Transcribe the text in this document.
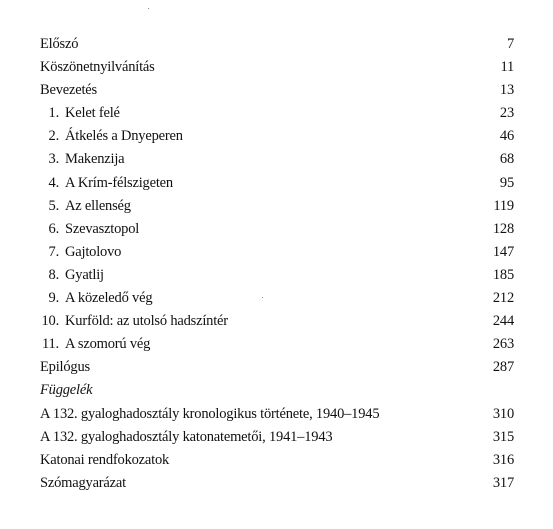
Előszó	7
Köszönetnyilvánítás	11
Bevezetés	13
1. Kelet felé	23
2. Átkelés a Dnyeperen	46
3. Makenzija	68
4. A Krím-félszigeten	95
5. Az ellenség	119
6. Szevasztopol	128
7. Gajtolovo	147
8. Gyatlij	185
9. A közeledő vég	212
10. Kurföld: az utolsó hadszíntér	244
11. A szomorú vég	263
Epilógus	287
Függelék
A 132. gyaloghadosztály kronologikus története, 1940–1945	310
A 132. gyaloghadosztály katonatemetői, 1941–1943	315
Katonai rendfokozatok	316
Szómagyarázat	317
